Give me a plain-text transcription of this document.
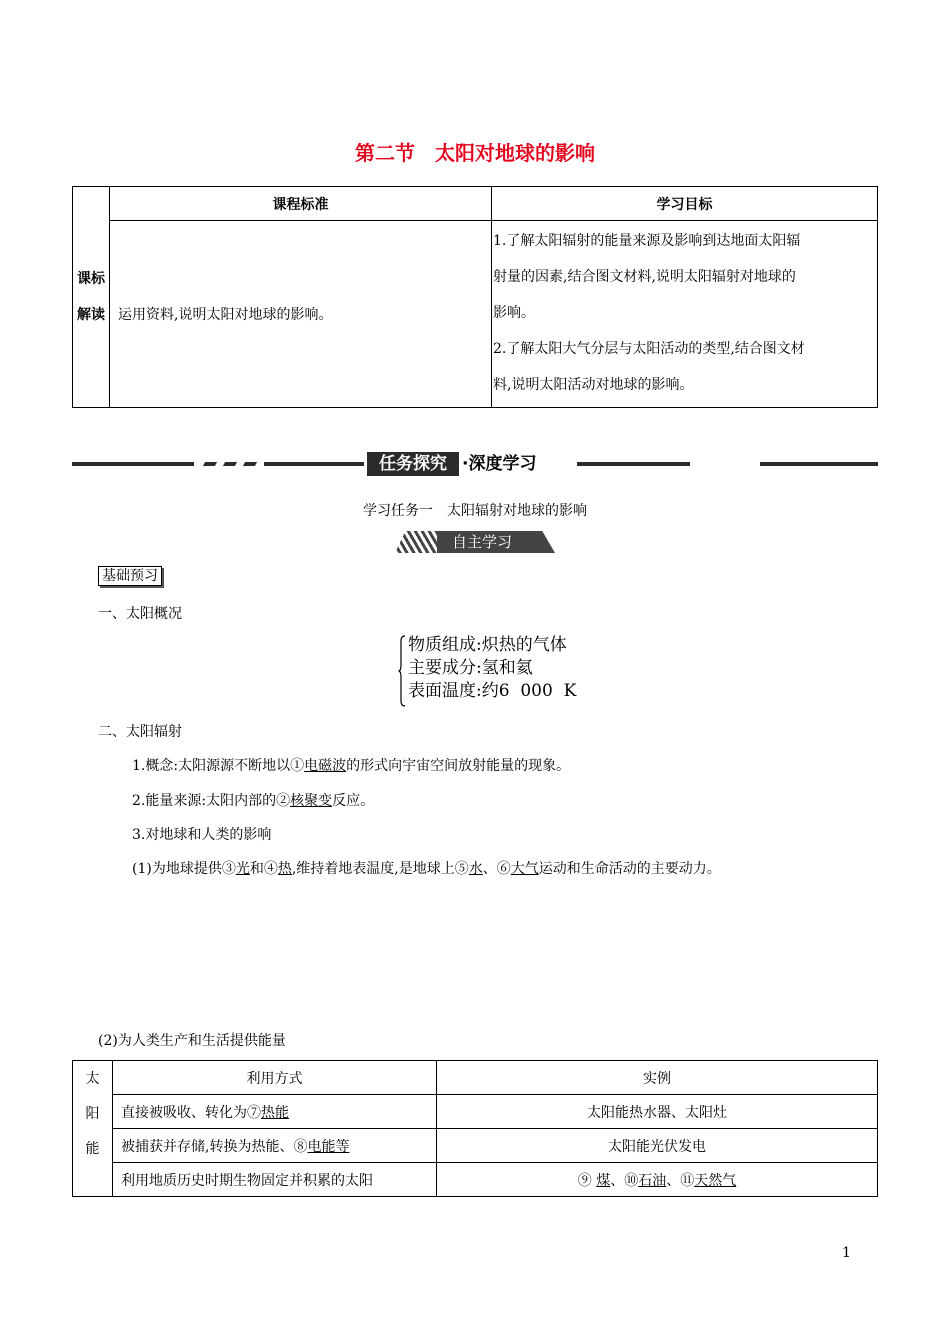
第二节　太阳对地球的影响
课标
解读	课程标准	学习目标
	运用资料,说明太阳对地球的影响。	1.了解太阳辐射的能量来源及影响到达地面太阳辐
射量的因素,结合图文材料,说明太阳辐射对地球的
影响。
2.了解太阳大气分层与太阳活动的类型,结合图文材
料,说明太阳活动对地球的影响。
任务探究 ·深度学习
学习任务一　太阳辐射对地球的影响
自主学习
基础预习
一、太阳概况
物质组成:炽热的气体
主要成分:氢和氦
表面温度:约6  000  K
二、太阳辐射
1.概念:太阳源源不断地以①电磁波的形式向宇宙空间放射能量的现象。
2.能量来源:太阳内部的②核聚变反应。
3.对地球和人类的影响
(1)为地球提供③光和④热,维持着地表温度,是地球上⑤水、⑥大气运动和生命活动的主要动力。
(2)为人类生产和生活提供能量
太
阳
能	利用方式	实例
	直接被吸收、转化为⑦热能	太阳能热水器、太阳灶
	被捕获并存储,转换为热能、⑧电能等	太阳能光伏发电
	利用地质历史时期生物固定并积累的太阳	⑨ 煤、⑩石油、⑪天然气
1
